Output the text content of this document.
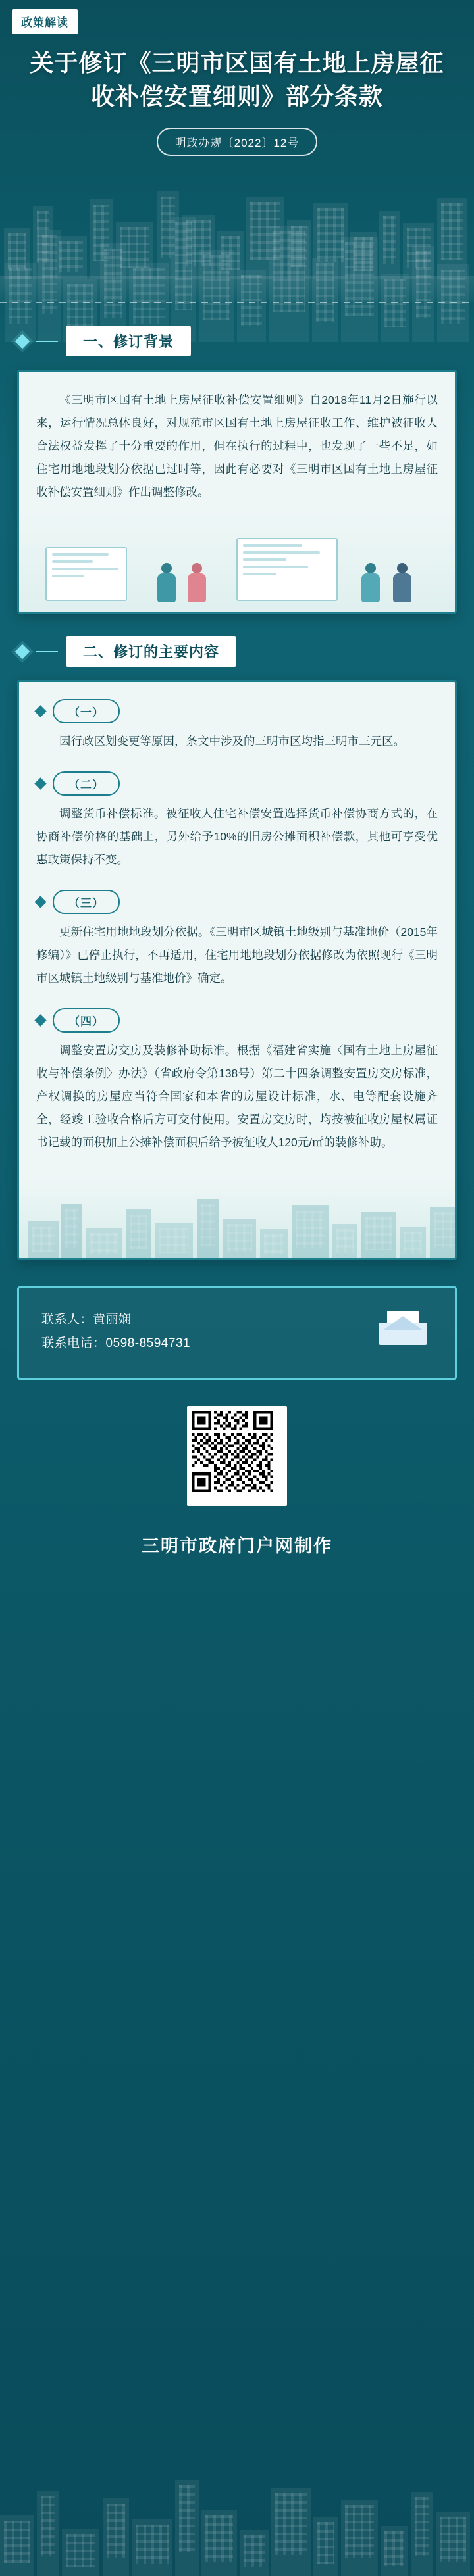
政策解读
关于修订《三明市区国有土地上房屋征收补偿安置细则》部分条款
明政办规〔2022〕12号
一、修订背景

《三明市区国有土地上房屋征收补偿安置细则》自2018年11月2日施行以来，运行情况总体良好，对规范市区国有土地上房屋征收工作、维护被征收人合法权益发挥了十分重要的作用，但在执行的过程中，也发现了一些不足，如住宅用地地段划分依据已过时等，因此有必要对《三明市区国有土地上房屋征收补偿安置细则》作出调整修改。

二、修订的主要内容
（一）

因行政区划变更等原因，条文中涉及的三明市区均指三明市三元区。

（二）

调整货币补偿标准。被征收人住宅补偿安置选择货币补偿协商方式的，在协商补偿价格的基础上，另外给予10%的旧房公摊面积补偿款，其他可享受优惠政策保持不变。

（三）

更新住宅用地地段划分依据。《三明市区城镇土地级别与基准地价（2015年修编）》已停止执行，不再适用，住宅用地地段划分依据修改为依照现行《三明市区城镇土地级别与基准地价》确定。

（四）

调整安置房交房及装修补助标准。根据《福建省实施〈国有土地上房屋征收与补偿条例〉办法》（省政府令第138号）第二十四条调整安置房交房标准，产权调换的房屋应当符合国家和本省的房屋设计标准，水、电等配套设施齐全，经竣工验收合格后方可交付使用。安置房交房时，均按被征收房屋权属证书记载的面积加上公摊补偿面积后给予被征收人120元/㎡的装修补助。

联系人：黄丽娴
联系电话：0598-8594731
三明市政府门户网制作
